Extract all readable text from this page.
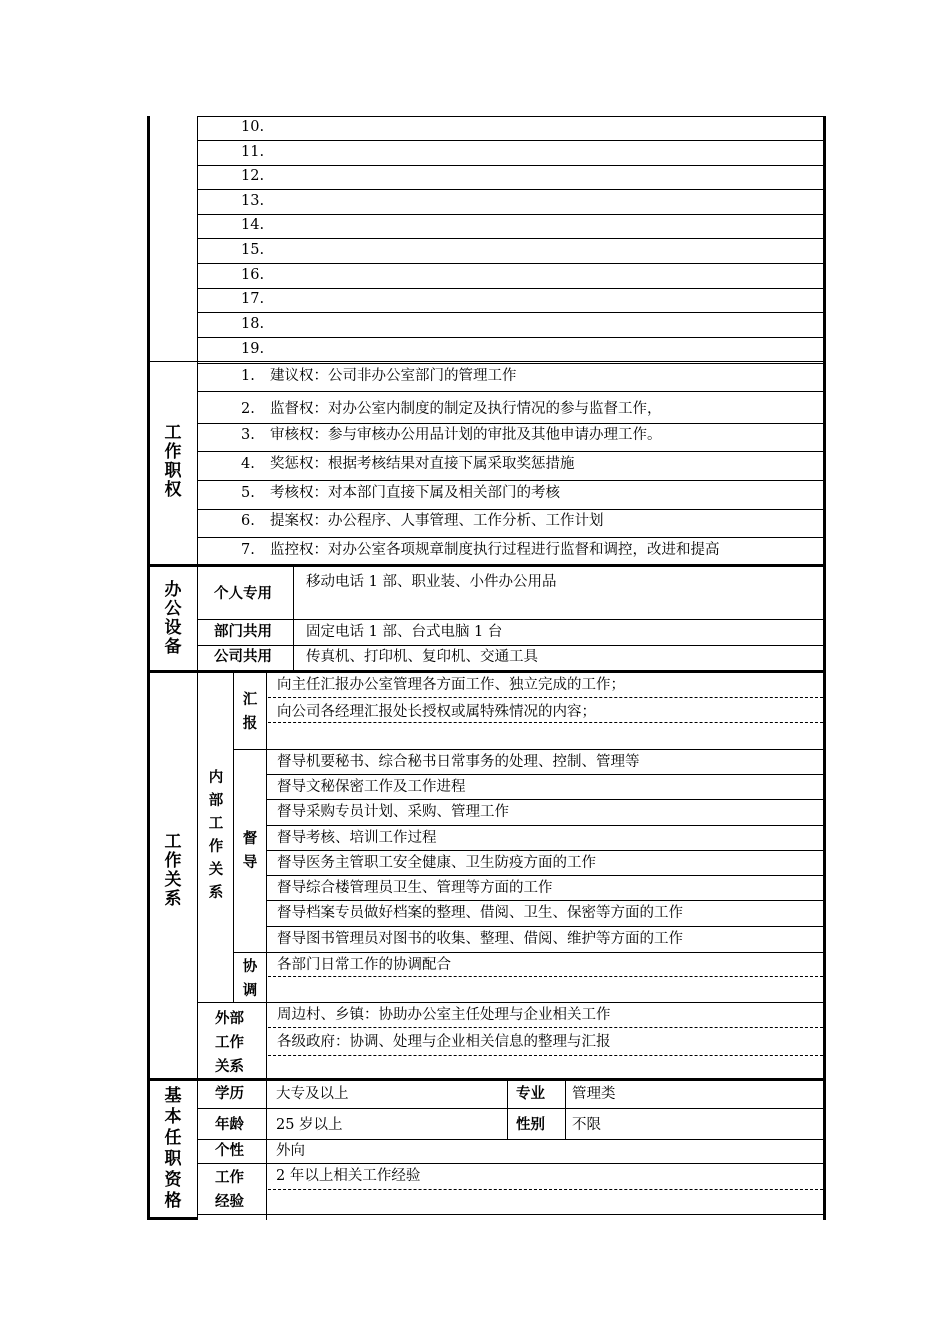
10.
11.
12.
13.
14.
15.
16.
17.
18.
19.
工
作
职
权
1. 建议权：公司非办公室部门的管理工作
2. 监督权：对办公室内制度的制定及执行情况的参与监督工作，
3. 审核权：参与审核办公用品计划的审批及其他申请办理工作。
4. 奖惩权：根据考核结果对直接下属采取奖惩措施
5. 考核权：对本部门直接下属及相关部门的考核
6. 提案权：办公程序、人事管理、工作分析、工作计划
7. 监控权：对办公室各项规章制度执行过程进行监督和调控，改进和提高
办
公
设
备
个人专用
移动电话 1 部、职业装、小件办公用品
部门共用 固定电话 1 部、台式电脑 1 台
公司共用 传真机、打印机、复印机、交通工具
工
作
关
系
内
部
工
作
关
系
汇
报
向主任汇报办公室管理各方面工作、独立完成的工作；
向公司各经理汇报处长授权或属特殊情况的内容；
督
导
督导机要秘书、综合秘书日常事务的处理、控制、管理等
督导文秘保密工作及工作进程
督导采购专员计划、采购、管理工作
督导考核、培训工作过程
督导医务主管职工安全健康、卫生防疫方面的工作
督导综合楼管理员卫生、管理等方面的工作
督导档案专员做好档案的整理、借阅、卫生、保密等方面的工作
督导图书管理员对图书的收集、整理、借阅、维护等方面的工作
协
调
各部门日常工作的协调配合
外部
工作
关系
周边村、乡镇：协助办公室主任处理与企业相关工作
各级政府：协调、处理与企业相关信息的整理与汇报
基
本
任
职
资
格
学历 大专及以上	专业 管理类
年龄 25 岁以上	性别 不限
个性 外向
工作
经验
2 年以上相关工作经验
